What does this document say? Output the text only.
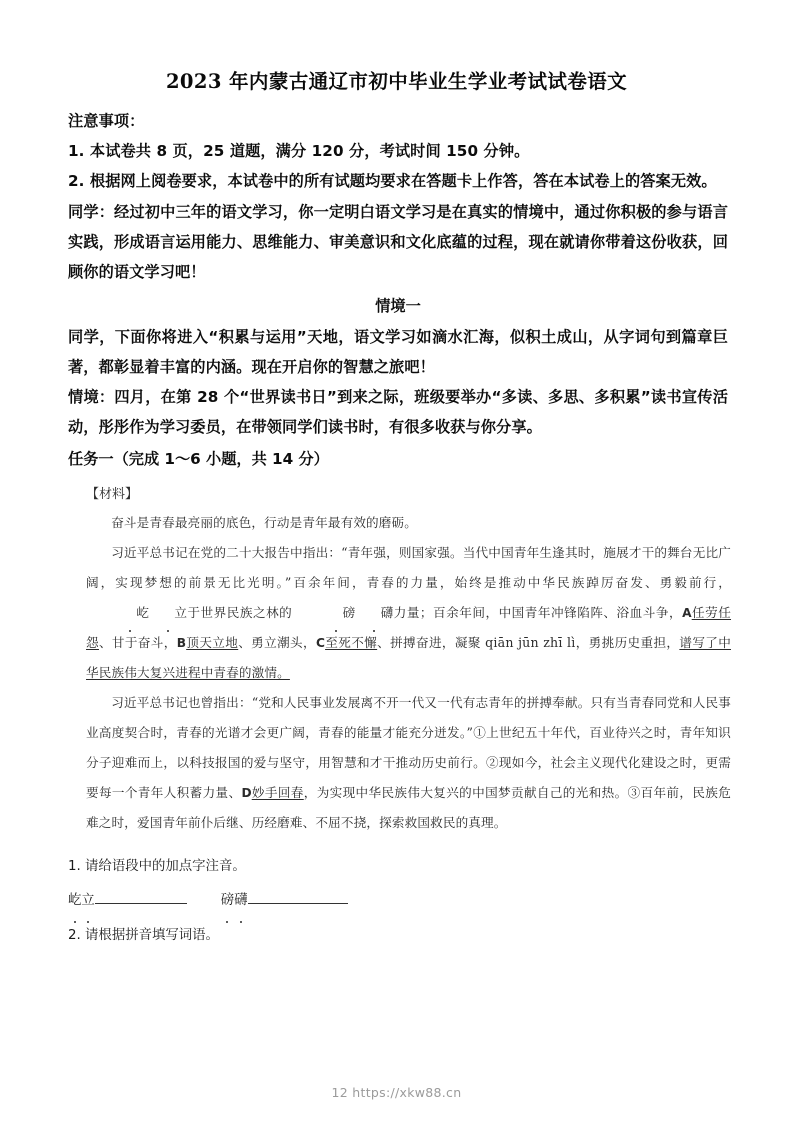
2023 年内蒙古通辽市初中毕业生学业考试试卷语文

注意事项：

1. 本试卷共 8 页，25 道题，满分 120 分，考试时间 150 分钟。

2. 根据网上阅卷要求，本试卷中的所有试题均要求在答题卡上作答，答在本试卷上的答案无效。

同学：经过初中三年的语文学习，你一定明白语文学习是在真实的情境中，通过你积极的参与语言实践，形成语言运用能力、思维能力、审美意识和文化底蕴的过程，现在就请你带着这份收获，回顾你的语文学习吧！

情境一

同学，下面你将进入“积累与运用”天地，语文学习如滴水汇海，似积土成山，从字词句到篇章巨著，都彰显着丰富的内涵。现在开启你的智慧之旅吧！

情境：四月，在第 28 个“世界读书日”到来之际，班级要举办“多读、多思、多积累”读书宣传活动，彤彤作为学习委员，在带领同学们读书时，有很多收获与你分享。

任务一（完成 1～6 小题，共 14 分）

【材料】

奋斗是青春最亮丽的底色，行动是青年最有效的磨砺。

习近平总书记在党的二十大报告中指出：“青年强，则国家强。当代中国青年生逢其时，施展才干的舞台无比广阔，实现梦想的前景无比光明。”百余年间，青春的力量，始终是推动中华民族踔厉奋发、勇毅前行，屹 立于世界民族之林的	磅 礴力量；百余年间，中国青年冲锋陷阵、浴血斗争，A任劳任怨、甘于奋斗，B顶天立地、勇立潮头，C至死不懈、拼搏奋进，凝聚 qiān jūn zhī lì，勇挑历史重担，谱写了中华民族伟大复兴进程中青春的激情。

习近平总书记也曾指出：“党和人民事业发展离不开一代又一代有志青年的拼搏奉献。只有当青春同党和人民事业高度契合时，青春的光谱才会更广阔，青春的能量才能充分迸发。”①上世纪五十年代，百业待兴之时，青年知识分子迎难而上，以科技报国的爱与坚守，用智慧和才干推动历史前行。②现如今，社会主义现代化建设之时，更需要每一个青年人积蓄力量、D妙手回春，为实现中华民族伟大复兴的中国梦贡献自己的光和热。③百年前，民族危难之时，爱国青年前仆后继、历经磨难、不屈不挠，探索救国救民的真理。

1. 请给语段中的加点字注音。

屹立	磅礴

2. 请根据拼音填写词语。

12 https://xkw88.cn
